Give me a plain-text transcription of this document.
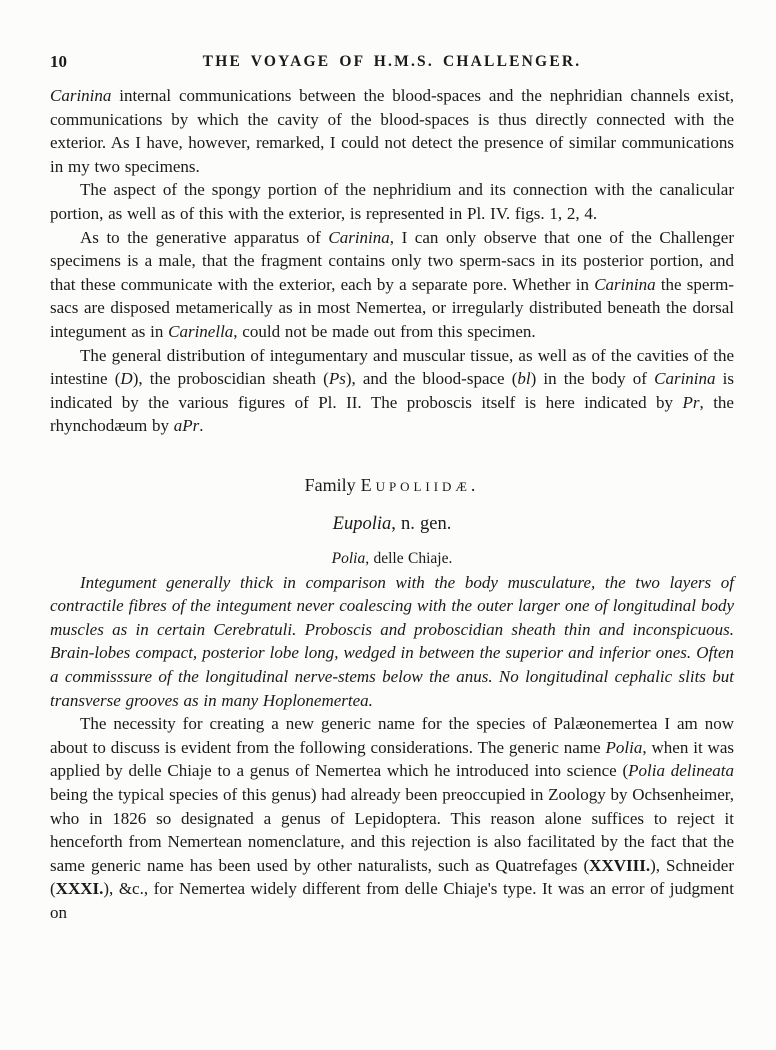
10	THE VOYAGE OF H.M.S. CHALLENGER.

Carinina internal communications between the blood-spaces and the nephridian channels exist, communications by which the cavity of the blood-spaces is thus directly connected with the exterior. As I have, however, remarked, I could not detect the presence of similar communications in my two specimens.

The aspect of the spongy portion of the nephridium and its connection with the canalicular portion, as well as of this with the exterior, is represented in Pl. IV. figs. 1, 2, 4.

As to the generative apparatus of Carinina, I can only observe that one of the Challenger specimens is a male, that the fragment contains only two sperm-sacs in its posterior portion, and that these communicate with the exterior, each by a separate pore. Whether in Carinina the sperm-sacs are disposed metamerically as in most Nemertea, or irregularly distributed beneath the dorsal integument as in Carinella, could not be made out from this specimen.

The general distribution of integumentary and muscular tissue, as well as of the cavities of the intestine (D), the proboscidian sheath (Ps), and the blood-space (bl) in the body of Carinina is indicated by the various figures of Pl. II. The proboscis itself is here indicated by Pr, the rhynchodæum by aPr.

Family Eupoliidæ.
Eupolia, n. gen.
Polia, delle Chiaje.

Integument generally thick in comparison with the body musculature, the two layers of contractile fibres of the integument never coalescing with the outer larger one of longitudinal body muscles as in certain Cerebratuli. Proboscis and proboscidian sheath thin and inconspicuous. Brain-lobes compact, posterior lobe long, wedged in between the superior and inferior ones. Often a commisssure of the longitudinal nerve-stems below the anus. No longitudinal cephalic slits but transverse grooves as in many Hoplonemertea.

The necessity for creating a new generic name for the species of Palæonemertea I am now about to discuss is evident from the following considerations. The generic name Polia, when it was applied by delle Chiaje to a genus of Nemertea which he introduced into science (Polia delineata being the typical species of this genus) had already been preoccupied in Zoology by Ochsenheimer, who in 1826 so designated a genus of Lepidoptera. This reason alone suffices to reject it henceforth from Nemertean nomenclature, and this rejection is also facilitated by the fact that the same generic name has been used by other naturalists, such as Quatrefages (XXVIII.), Schneider (XXXI.), &c., for Nemertea widely different from delle Chiaje's type. It was an error of judgment on
